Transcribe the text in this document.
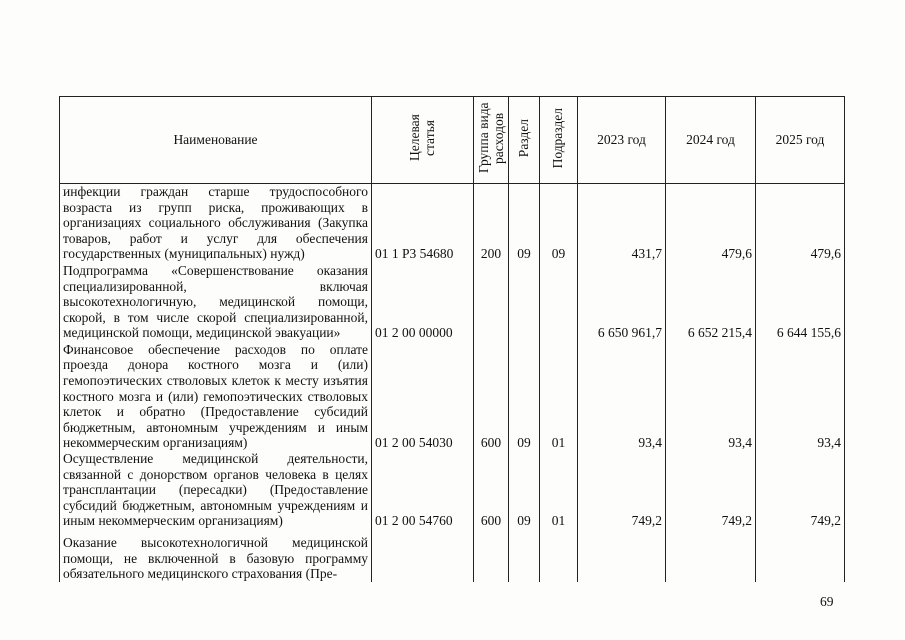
Наименование	Целевая статья	Группа вида расходов	Раздел	Подраздел	2023 год	2024 год	2025 год
инфекции граждан старше трудоспособного возраста из групп риска, проживающих в организациях социального обслуживания (Закупка товаров, работ и услуг для обеспечения государственных (муниципальных) нужд)	01 1 P3 54680	200	09	09	431,7	479,6	479,6
Подпрограмма «Совершенствование оказания специализированной, включая высокотехнологичную, медицинской помощи, скорой, в том числе скорой специализированной, медицинской помощи, медицинской эвакуации»	01 2 00 00000				6 650 961,7	6 652 215,4	6 644 155,6
Финансовое обеспечение расходов по оплате проезда донора костного мозга и (или) гемопоэтических стволовых клеток к месту изъятия костного мозга и (или) гемопоэтических стволовых клеток и обратно (Предоставление субсидий бюджетным, автономным учреждениям и иным некоммерческим организациям)	01 2 00 54030	600	09	01	93,4	93,4	93,4
Осуществление медицинской деятельности, связанной с донорством органов человека в целях трансплантации (пересадки) (Предоставление субсидий бюджетным, автономным учреждениям и иным некоммерческим организациям)	01 2 00 54760	600	09	01	749,2	749,2	749,2
Оказание высокотехнологичной медицинской помощи, не включенной в базовую программу обязательного медицинского страхования (Пре-							
69
